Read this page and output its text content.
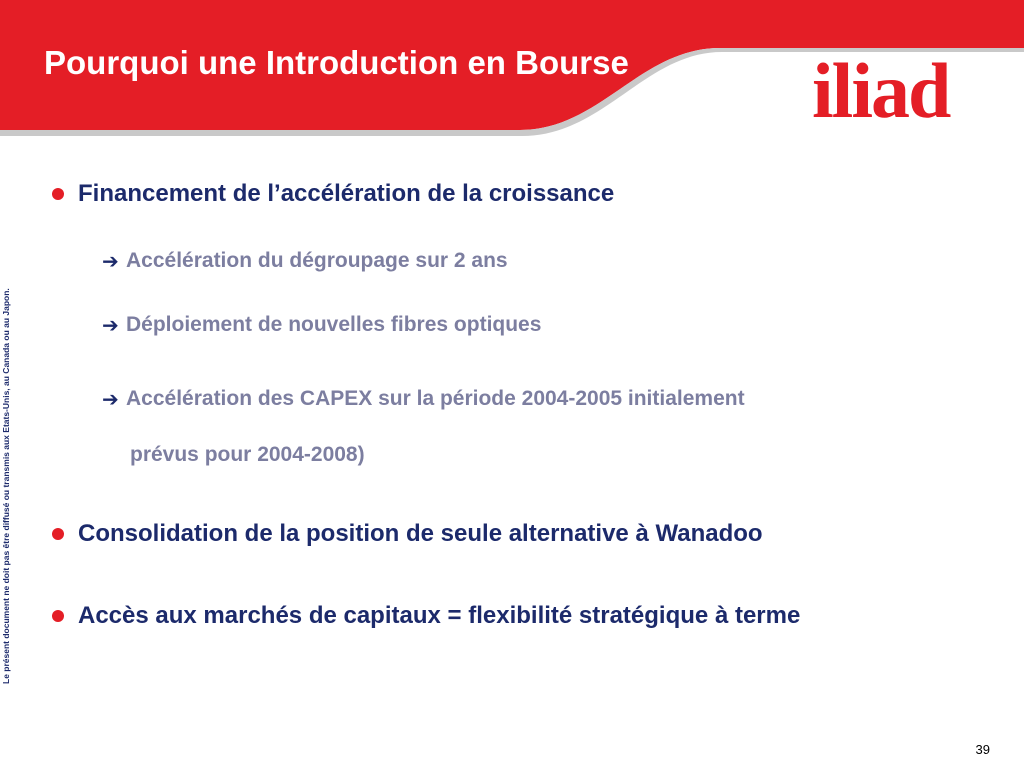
Pourquoi une Introduction en Bourse iliad
Le présent document ne doit pas être diffusé ou transmis aux Etats-Unis, au Canada ou au Japon.
Financement de l’accélération de la croissance
➔ Accélération du dégroupage sur 2 ans
➔ Déploiement de nouvelles fibres optiques
➔ Accélération des CAPEX sur la période 2004-2005 initialement
prévus pour 2004-2008)
Consolidation de la position de seule alternative à Wanadoo
Accès aux marchés de capitaux = flexibilité stratégique à terme
39
